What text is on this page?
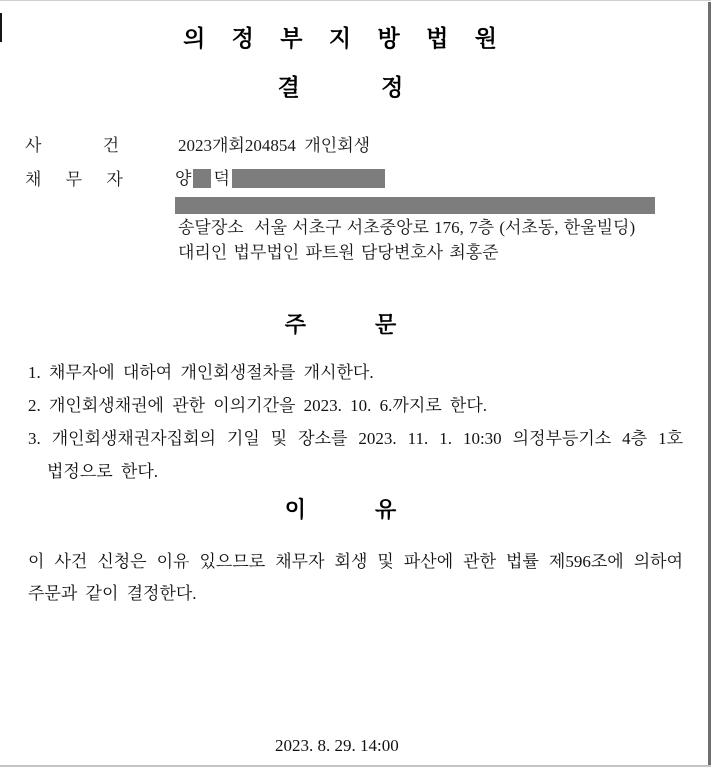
의 정 부 지 방 법 원
결 정
사 건	2023개회204854  개인회생
채 무 자	양 덕
송달장소  서울 서초구 서초중앙로 176, 7층 (서초동, 한울빌딩)
대리인 법무법인 파트원 담당변호사 최홍준
주 문
1. 채무자에 대하여 개인회생절차를 개시한다.
2. 개인회생채권에 관한 이의기간을 2023. 10. 6.까지로 한다.
3. 개인회생채권자집회의 기일 및 장소를 2023. 11. 1. 10:30 의정부등기소 4층 1호
법정으로 한다.
이 유
이 사건 신청은 이유 있으므로 채무자 회생 및 파산에 관한 법률 제596조에 의하여
주문과 같이 결정한다.
2023. 8. 29. 14:00
